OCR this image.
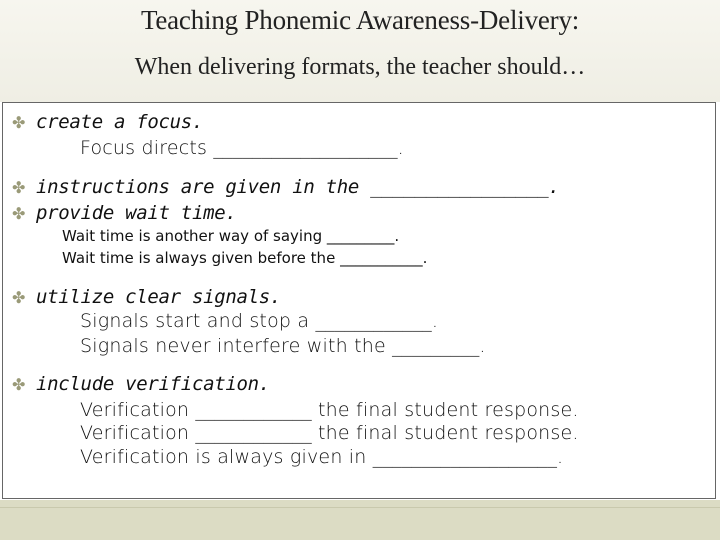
Teaching Phonemic Awareness-Delivery:
When delivering formats, the teacher should…
✤ create a focus.
Focus directs ___________________.
✤ instructions are given in the ________________.
✤ provide wait time.
Wait time is another way of saying _________.
Wait time is always given before the ___________.
✤ utilize clear signals.
Signals start and stop a ____________.
Signals never interfere with the _________.
✤ include verification.
Verification ____________ the final student response.
Verification ____________ the final student response.
Verification is always given in ___________________.
